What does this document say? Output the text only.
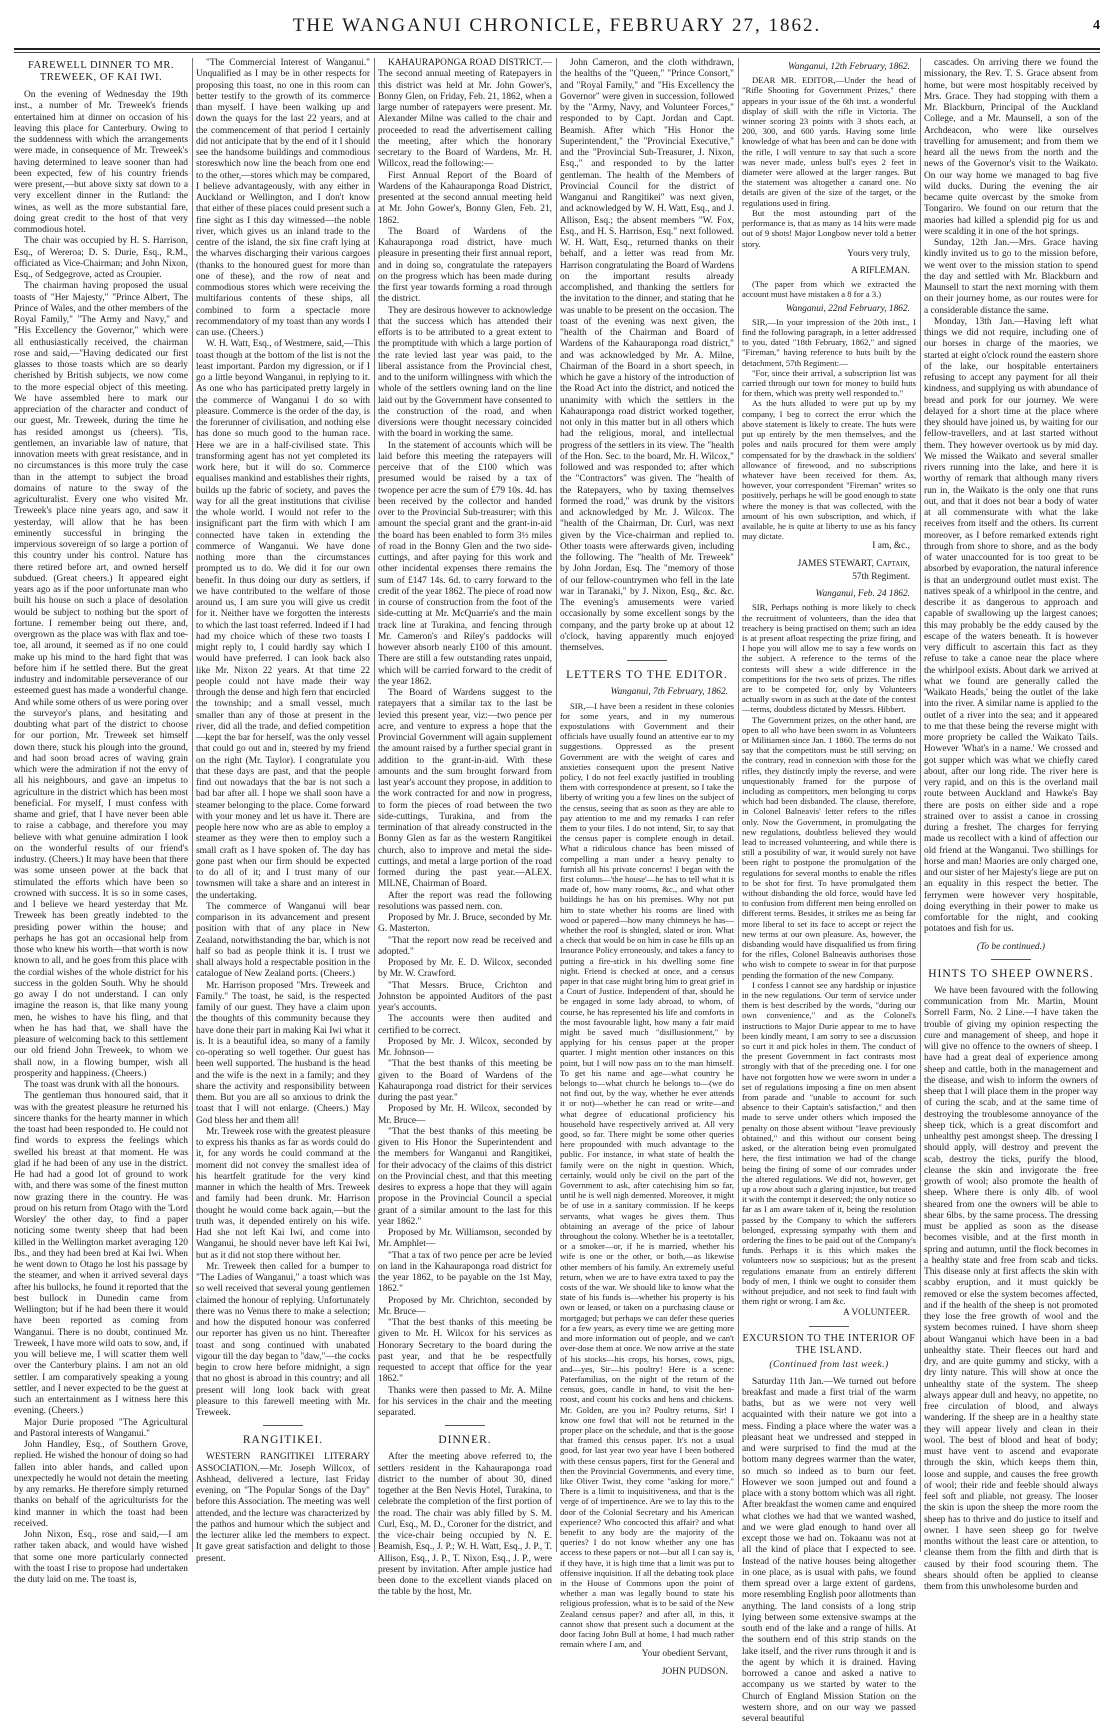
THE WANGANUI CHRONICLE, FEBRUARY 27, 1862.	4
FAREWELL DINNER TO MR. TREWEEK, OF KAI IWI.

On the evening of Wednesday the 19th inst., a number of Mr. Treweek's friends entertained him at dinner on occasion of his leaving this place for Canterbury. Owing to the suddenness with which the arrangements were made, in consequence of Mr. Treweek's having determined to leave sooner than had been expected, few of his country friends were present,—but above sixty sat down to a very excellent dinner in the Rutland: the wines, as well as the more substantial fare, doing great credit to the host of that very commodious hotel.

The chair was occupied by H. S. Harrison, Esq., of Wereroa; D. S. Durie, Esq., R.M., officiated as Vice-Chairman; and John Nixon, Esq., of Sedgegrove, acted as Croupier.

The chairman having proposed the usual toasts of "Her Majesty," "Prince Albert, The Prince of Wales, and the other members of the Royal Family," "The Army and Navy," and "His Excellency the Governor," which were all enthusiastically received, the chairman rose and said,—"Having dedicated our first glasses to those toasts which are so dearly cherished by British subjects, we now come to the more especial object of this meeting. We have assembled here to mark our appreciation of the character and conduct of our guest, Mr. Treweek, during the time he has resided amongst us (cheers). 'Tis, gentlemen, an invariable law of nature, that innovation meets with great resistance, and in no circumstances is this more truly the case than in the attempt to subject the broad domains of nature to the sway of the agriculturalist. Every one who visited Mr. Treweek's place nine years ago, and saw it yesterday, will allow that he has been eminently successful in bringing the impervious sovereign of so large a portion of this country under his control. Nature has there retired before art, and owned herself subdued. (Great cheers.) It appeared eight years ago as if the poor unfortunate man who built his house on such a place of desolation would be subject to nothing but the sport of fortune. I remember being out there, and, overgrown as the place was with flax and toe-toe, all around, it seemed as if no one could make up his mind to the hard fight that was before him if he settled there. But the great industry and indomitable perseverance of our esteemed guest has made a wonderful change. And while some others of us were poring over the surveyor's plans, and hesitating and doubting what part of the district to choose for our portion, Mr. Treweek set himself down there, stuck his plough into the ground, and had soon broad acres of waving grain which were the admiration if not the envy of all his neighbours, and gave an impetus to agriculture in the district which has been most beneficial. For myself, I must confess with shame and grief, that I have never been able to raise a cabbage, and therefore you may believe with what genuine admiration I look on the wonderful results of our friend's industry. (Cheers.) It may have been that there was some unseen power at the back that stimulated the efforts which have been so crowned with success. It is so in some cases, and I believe we heard yesterday that Mr. Treweek has been greatly indebted to the presiding power within the house; and perhaps he has got an occasional help from those who knew his worth—that worth is now known to all, and he goes from this place with the cordial wishes of the whole district for his success in the golden South. Why he should go away I do not understand. I can only imagine the reason is, that like many young men, he wishes to have his fling, and that when he has had that, we shall have the pleasure of welcoming back to this settlement our old friend John Treweek, to whom we shall now, in a flowing bumper, wish all prosperity and happiness. (Cheers.)

The toast was drunk with all the honours.

The gentleman thus honoured said, that it was with the greatest pleasure he returned his sincere thanks for the hearty manner in which the toast had been responded to. He could not find words to express the feelings which swelled his breast at that moment. He was glad if he had been of any use in the district. He had had a good lot of ground to work with, and there was some of the finest mutton now grazing there in the country. He was proud on his return from Otago with the 'Lord Worsley' the other day, to find a paper noticing some twenty sheep that had been killed in the Wellington market averaging 120 lbs., and they had been bred at Kai Iwi. When he went down to Otago he lost his passage by the steamer, and when it arrived several days after his bullocks, he found it reported that the best bullock in Dunedin came from Wellington; but if he had been there it would have been reported as coming from Wanganui. There is no doubt, continued Mr. Treweek, I have more wild oats to sow, and, if you will believe me, I will scatter them well over the Canterbury plains. I am not an old settler. I am comparatively speaking a young settler, and I never expected to be the guest at such an entertainment as I witness here this evening. (Cheers.)

Major Durie proposed "The Agricultural and Pastoral interests of Wanganui."

John Handley, Esq., of Southern Grove, replied. He wished the honour of doing so had fallen into abler hands, and called upon unexpectedly he would not detain the meeting by any remarks. He therefore simply returned thanks on behalf of the agriculturists for the kind manner in which the toast had been received.

John Nixon, Esq., rose and said,—I am rather taken aback, and would have wished that some one more particularly connected with the toast I rise to propose had undertaken the duty laid on me. The toast is,

"The Commercial Interest of Wanganui." Unqualified as I may be in other respects for proposing this toast, no one in this room can better testify to the growth of its commerce than myself. I have been walking up and down the quays for the last 22 years, and at the commencement of that period I certainly did not anticipate that by the end of it I should see the handsome buildings and commodious storeswhich now line the beach from one end to the other,—stores which may be compared, I believe advantageously, with any either in Auckland or Wellington, and I don't know that either of these places could present such a fine sight as I this day witnessed—the noble river, which gives us an inland trade to the centre of the island, the six fine craft lying at the wharves discharging their various cargoes (thanks to the honoured guest for more than one of these), and the row of neat and commodious stores which were receiving the multifarious contents of these ships, all combined to form a spectacle more recommendatory of my toast than any words I can use. (Cheers.)

W. H. Watt, Esq., of Westmere, said,—This toast though at the bottom of the list is not the least important. Pardon my digression, or if I go a little beyond Wanganui, in replying to it. As one who has participated pretty largely in the commerce of Wanganui I do so with pleasure. Commerce is the order of the day, is the forerunner of civilisation, and nothing else has done so much good to the human race. Here we are in a half-civilised state. This transforming agent has not yet completed its work here, but it will do so. Commerce equalises mankind and establishes their rights, builds up the fabric of society, and paves the way for all the great institutions that civilise the whole world. I would not refer to the insignificant part the firm with which I am connected have taken in extending the commerce of Wanganui. We have done nothing more than the circumstances prompted us to do. We did it for our own benefit. In thus doing our duty as settlers, if we have contributed to the welfare of those around us, I am sure you will give us credit for it. Neither have we forgotten the interests to which the last toast referred. Indeed if I had had my choice which of these two toasts I might reply to, I could hardly say which I would have preferred. I can look back also like Mr. Nixon 22 years. At that time 22 people could not have made their way through the dense and high fern that encircled the township; and a small vessel, much smaller than any of those at present in the river, did all the trade, and defied competition—kept the bar for herself, was the only vessel that could go out and in, steered by my friend on the right (Mr. Taylor). I congratulate you that these days are past, and that the people find out nowadays that the bar is not such a bad bar after all. I hope we shall soon have a steamer belonging to the place. Come forward with your money and let us have it. There are people here now who are as able to employ a steamer as they were then to employ such a small craft as I have spoken of. The day has gone past when our firm should be expected to do all of it; and I trust many of our townsmen will take a share and an interest in the undertaking.

The commerce of Wanganui will bear comparison in its advancement and present position with that of any place in New Zealand, notwithstanding the bar, which is not half so bad as people think it is. I trust we shall always hold a respectable position in the catalogue of New Zealand ports. (Cheers.)

Mr. Harrison proposed "Mrs. Treweek and Family." The toast, he said, is the respected family of our guest. They have a claim upon the thoughts of this community because they have done their part in making Kai Iwi what it is. It is a beautiful idea, so many of a family co-operating so well together. Our guest has been well supported. The husband is the head and the wife is the next in a family; and they share the activity and responsibility between them. But you are all so anxious to drink the toast that I will not enlarge. (Cheers.) May God bless her and them all!

Mr. Treweek rose with the greatest pleasure to express his thanks as far as words could do it, for any words he could command at the moment did not convey the smallest idea of his heartfelt gratitude for the very kind manner in which the health of Mrs. Treweek and family had been drunk. Mr. Harrison thought he would come back again,—but the truth was, it depended entirely on his wife. Had she not left Kai Iwi, and come into Wanganui, he should never have left Kai Iwi, but as it did not stop there without her.

Mr. Treweek then called for a bumper to "The Ladies of Wanganui," a toast which was so well received that several young gentlemen claimed the honour of replying. Unfortunately there was no Venus there to make a selection; and how the disputed honour was conferred our reporter has given us no hint. Thereafter toast and song continued with unabated vigour till the day began to "daw,"—the cocks begin to crow here before midnight, a sign that no ghost is abroad in this country; and all present will long look back with great pleasure to this farewell meeting with Mr. Treweek.

RANGITIKEI.

WESTERN RANGITIKEI LITERARY ASSOCIATION.—Mr. Joseph Willcox, of Ashhead, delivered a lecture, last Friday evening, on "The Popular Songs of the Day" before this Association. The meeting was well attended, and the lecture was characterized by the pathos and humour which the subject and the lecturer alike led the members to expect. It gave great satisfaction and delight to those present.

KAHAURAPONGA ROAD DISTRICT.—The second annual meeting of Ratepayers in this district was held at Mr. John Gower's, Bonny Glen, on Friday, Feb. 21, 1862, when a large number of ratepayers were present. Mr. Alexander Milne was called to the chair and proceeded to read the advertisement calling the meeting, after which the honorary secretary to the Board of Wardens, Mr. H. Willcox, read the following:—

First Annual Report of the Board of Wardens of the Kahauraponga Road District, presented at the second annual meeting held at Mr. John Gower's, Bonny Glen, Feb. 21, 1862.

The Board of Wardens of the Kahauraponga road district, have much pleasure in presenting their first annual report, and in doing so, congratulate the ratepayers on the progress which has been made during the first year towards forming a road through the district.

They are desirous however to acknowledge that the success which has attended their efforts is to be attributed to a great extent to the promptitude with which a large portion of the rate levied last year was paid, to the liberal assistance from the Provincial chest, and to the uniform willingness with which the whole of the settlers owning land on the line laid out by the Government have consented to the construction of the road, and when diversions were thought necessary coincided with the board in working the same.

In the statement of accounts which will be laid before this meeting the ratepayers will perceive that of the £100 which was presumed would be raised by a tax of twopence per acre the sum of £79 10s. 4d. has been received by the collector and handed over to the Provincial Sub-treasurer; with this amount the special grant and the grant-in-aid the board has been enabled to form 3½ miles of road in the Bonny Glen and the two side-cuttings, and after paying for this work and other incidental expenses there remains the sum of £147 14s. 6d. to carry forward to the credit of the year 1862. The piece of road now in course of construction from the foot of the side-cutting at Mr. McQuarrie's and the main track line at Turakina, and fencing through Mr. Cameron's and Riley's paddocks will however absorb nearly £100 of this amount. There are still a few outstanding rates unpaid, which will be carried forward to the credit of the year 1862.

The Board of Wardens suggest to the ratepayers that a similar tax to the last be levied this present year, viz:—two pence per acre, and venture to express a hope that the Provincial Government will again supplement the amount raised by a further special grant in addition to the grant-in-aid. With these amounts and the sum brought forward from last year's account they propose, in addition to the work contracted for and now in progress, to form the pieces of road between the two side-cuttings, Turakina, and from the termination of that already constructed in the Bonny Glen as far as the western Rangitikei church, also to improve and metal the side-cuttings, and metal a large portion of the road formed during the past year.—ALEX. MILNE, Chairman of Board.

After the report was read the following resolutions was passed nem. con.

Proposed by Mr. J. Bruce, seconded by Mr. G. Masterton.

"That the report now read be received and adopted."

Proposed by Mr. E. D. Wilcox, seconded by Mr. W. Crawford.

"That Messrs. Bruce, Crichton and Johnston be appointed Auditors of the past year's accounts.

The accounts were then audited and certified to be correct.

Proposed by Mr. J. Wilcox, seconded by Mr. Johnson—

"That the best thanks of this meeting be given to the Board of Wardens of the Kahauraponga road district for their services during the past year."

Proposed by Mr. H. Wilcox, seconded by Mr. Bruce—

"That the best thanks of this meeting be given to His Honor the Superintendent and the members for Wanganui and Rangitikei, for their advocacy of the claims of this district on the Provincial chest, and that this meeting desires to express a hope that they will again propose in the Provincial Council a special grant of a similar amount to the last for this year 1862."

Proposed by Mr. Williamson, seconded by Mr. Amphlet—

"That a tax of two pence per acre be levied on land in the Kahauraponga road district for the year 1862, to be payable on the 1st May, 1862."

Proposed by Mr. Chrichton, seconded by Mr. Bruce—

"That the best thanks of this meeting be given to Mr. H. Wilcox for his services as Honorary Secretary to the board during the past year, and that he be respectfully requested to accept that office for the year 1862."

Thanks were then passed to Mr. A. Milne for his services in the chair and the meeting separated.

DINNER.

After the meeting above referred to, the settlers resident in the Kahauraponga road district to the number of about 30, dined together at the Ben Nevis Hotel, Turakina, to celebrate the completion of the first portion of the road. The chair was ably filled by S. M. Curl, Esq., M. D., Coroner for the district, and the vice-chair being occupied by N. E. Beamish, Esq., J. P.; W. H. Watt, Esq., J. P., T. Allison, Esq., J. P., T. Nixon, Esq., J. P., were present by invitation. After ample justice had been done to the excellent viands placed on the table by the host, Mr.

John Cameron, and the cloth withdrawn, the healths of the "Queen," "Prince Consort," and "Royal Family," and "His Excellency the Governor" were given in succession, followed by the "Army, Navy, and Volunteer Forces," responded to by Capt. Jordan and Capt. Beamish. After which "His Honor the Superintendent," the "Provincial Executive," and the "Provincial Sub-Treasurer, J. Nixon, Esq.," and responded to by the latter gentleman. The health of the Members of Provincial Council for the district of Wanganui and Rangitikei" was next given, and acknowledged by W. H. Watt, Esq., and J. Allison, Esq.; the absent members "W. Fox, Esq., and H. S. Harrison, Esq." next followed. W. H. Watt, Esq., returned thanks on their behalf, and a letter was read from Mr. Harrison congratulating the Board of Wardens on the important results already accomplished, and thanking the settlers for the invitation to the dinner, and stating that he was unable to be present on the occasion. The toast of the evening was next given, the "health of the Chairman and Board of Wardens of the Kahauraponga road district," and was acknowledged by Mr. A. Milne, Chairman of the Board in a short speech, in which he gave a history of the introduction of the Road Act into the district, and noticed the unanimity with which the settlers in the Kahauraponga road district worked together, not only in this matter but in all others which had the religious, moral, and intellectual progress of the settlers in its view. The "health of the Hon. Sec. to the board, Mr. H. Wilcox," followed and was responded to; after which the "Contractors" was given. The "health of the Ratepayers, who by taxing themselves formed the road," was drunk by the visitors and acknowledged by Mr. J. Wilcox. The "health of the Chairman, Dr. Curl, was next given by the Vice-chairman and replied to. Other toasts were afterwards given, including the following. The "health of Mr. Treweek" by John Jordan, Esq. The "memory of those of our fellow-countrymen who fell in the late war in Taranaki," by J. Nixon, Esq., &c. &c. The evening's amusements were varied occasionally by some excellent songs by the company, and the party broke up at about 12 o'clock, having apparently much enjoyed themselves.

LETTERS TO THE EDITOR.
Wanganui, 7th February, 1862.

SIR,—I have been a resident in these colonies for some years, and in my numerous expostulations with Government and their officials have usually found an attentive ear to my suggestions. Oppressed as the present Government are with the weight of cares and anxieties consequent upon the present Native policy, I do not feel exactly justified in troubling them with correspondence at present, so I take the liberty of writing you a few lines on the subject of the census, seeing that as soon as they are able to pay attention to me and my remarks I can refer them to your files. I do not intend, Sir, to say that the census paper is complete enough in detail. What a ridiculous chance has been missed of compelling a man under a heavy penalty to furnish all his private concerns! I began with the first column—'the house'—he has to tell what it is made of, how many rooms, &c., and what other buildings he has on his premises. Why not put him to state whether his rooms are lined with wood or papered—how many chimneys he has—whether the roof is shingled, slated or iron. What a check that would be on him in case he fills up an Insurance Policy erroneously, and takes a fancy to putting a fire-stick in his dwelling some fine night. Friend is checked at once, and a census paper in that case might bring him to great grief in a Court of Justice. Independent of that, should he be engaged in some lady abroad, to whom, of course, he has represented his life and comforts in the most favourable light, how many a fair maid might be saved much "disillusionment," by applying for his census paper at the proper quarter. I might mention other instances on this point, but I will now pass on to the man himself. To get his name and age—what country he belongs to—what church he belongs to—(we do not find out, by the way, whether he ever attends it or not)—whether he can read or write—and what degree of educational proficiency his household have respectively arrived at. All very good, so far. There might be some other queries here propounded with much advantage to the public. For instance, in what state of health the family were on the night in question. Which, certainly, would only be civil on the part of the Government to ask, after catechising him so far, until he is well nigh demented. Moreover, it might be of use in a sanitary commission. If he keeps servants, what wages he gives them. Thus obtaining an average of the price of labour throughout the colony. Whether he is a teetotaller, or a smoker—or, if he is married, whether his wife is one or the other, or both,—as likewise other members of his family. An extremely useful return, when we are to have extra taxed to pay the costs of the war. We should like to know what the state of his funds is—whether his property is his own or leased, or taken on a purchasing clause or mortgaged; but perhaps we can defer these queries for a few years, as every time we are getting more and more information out of people, and we can't over-dose them at once. We now arrive at the state of his stocks—his crops, his horses, cows, pigs, and—yes, Sir—his poultry! Here is a scene: Paterfamilias, on the night of the return of the census, goes, candle in hand, to visit the hen-roost, and count his cocks and hens and chickens. Mr. Golden, are you in? Poultry returns, Sir! I know one fowl that will not be returned in the proper place on the schedule, and that is the goose that framed this census paper. It's not a usual good, for last year two year have I been bothered with these census papers, first for the General and then the Provincial Governments, and every time, like Oliver Twist, they come "asking for more." There is a limit to inquisitiveness, and that is the verge of of impertinence. Are we to lay this to the door of the Colonial Secretary and his American experience? Who concocted this affair? and what benefit to any body are the majority of the queries? I do not know whether any one has access to these papers or not—but all I can say is, if they have, it is high time that a limit was put to offensive inquisition. If all the debating took place in the House of Commons upon the point of whether a man was legally bound to state his religious profession, what is to be said of the New Zealand census paper? and after all, in this, it cannot show that present such a document at the door facing John Bull at home, I had much rather remain where I am, and

Your obedient Servant,
JOHN PUDSON.
Wanganui, 12th February, 1862.

DEAR MR. EDITOR,—Under the head of "Rifle Shooting for Government Prizes," there appears in your issue of the 6th inst. a wonderful display of skill with the rifle in Victoria. The winner scoring 23 points with 3 shots each, at 200, 300, and 600 yards. Having some little knowledge of what has been and can be done with the rifle, I will venture to say that such a score was never made, unless bull's eyes 2 feet in diameter were allowed at the larger ranges. But the statement was altogether a canard one. No details are given of the size of the target, or the regulations used in firing.

But the most astounding part of the performance is, that as many as 14 hits were made out of 9 shots! Major Longbow never told a better story.

Yours very truly,
A RIFLEMAN.

(The paper from which we extracted the account must have mistaken a 8 for a 3.)

Wanganui, 22nd February, 1862.

SIR,—In your impression of the 20th inst., I find the following paragraph, in a letter addressed to you, dated "18th February, 1862," and signed "Fireman," having reference to huts built by the detachment, 57th Regiment:—

"For, since their arrival, a subscription list was carried through our town for money to build huts for them, which was pretty well responded to."

As the huts alluded to were put up by my company, I beg to correct the error which the above statement is likely to create. The huts were put up entirely by the men themselves, and the poles and nails procured for them were amply compensated for by the drawback in the soldiers' allowance of firewood, and no subscriptions whatever have been received for them. As, however, your correspondent "Fireman" writes so positively, perhaps he will be good enough to state where the money is that was collected, with the amount of his own subscription, and which, if available, he is quite at liberty to use as his fancy may dictate.

I am, &c.,
JAMES STEWART, Captain,
57th Regiment.
Wanganui, Feb. 24 1862.

SIR, Perhaps nothing is more likely to check the recruitment of volunteers, than the idea that treachery is being practised on them; such an idea is at present afloat respecting the prize firing, and I hope you will allow me to say a few words on the subject. A reference to the terms of the contests will shew a wide difference in the competitions for the two sets of prizes. The rifles are to be competed for, only by Volunteers actually sworn in as such at the date of the contest—terms, doubtless dictated by Messrs. Hibbert.

The Government prizes, on the other hand, are open to all who have been sworn in as Volunteers or Militiamen since Jan. 1 1860. The terms do not say that the competitors must be still serving; on the contrary, read in connexion with those for the rifles, they distinctly imply the reverse, and were unquestionably framed for the purpose of including as competitors, men belonging to corps which had been disbanded. The clause, therefore, in Colonel Balneavis' letter refers to the rifles only. Now the Government, in promulgating the new regulations, doubtless believed they would lead to increased volunteering, and while there is still a possibility of war, it would surely not have been right to postpone the promulgation of the regulations for several months to enable the rifles to be shot for first. To have promulgated them without disbanding the old force, would have led to confusion from different men being enrolled on different terms. Besides, it strikes me as being far more liberal to set its face to accept or reject the new terms at our own pleasure. As, however, the disbanding would have disqualified us from firing for the rifles, Colonel Balneavis authorises those who wish to compete to swear in for that purpose pending the formation of the new Company.

I confess I cannot see any hardship or injustice in the new regulations. Our term of service under them is best described by the words, "during our own convenience," and as the Colonel's instructions to Major Durie appear to me to have been kindly meant, I am sorry to see a discussion so curt it and pick holes in them. The conduct of the present Government in fact contrasts most strongly with that of the preceding one. I for one have not forgotten how we were sworn in under a set of regulations imposing a fine on men absent from parade and "unable to account for such absence to their Captain's satisfaction," and then made to serve under others which imposed the penalty on those absent without "leave previously obtained," and this without our consent being asked, or the alteration being even promulgated here, the first intimation we had of the change being the fining of some of our comrades under the altered regulations. We did not, however, get up a row about such a glaring injustice, but treated it with the contempt it deserved; the only notice so far as I am aware taken of it, being the resolution passed by the Company to which the sufferers belonged, expressing sympathy with them and ordering the fines to be paid out of the Company's funds. Perhaps it is this which makes the volunteers now so suspicious; but as the present regulations emanate from an entirely different body of men, I think we ought to consider them without prejudice, and not seek to find fault with them right or wrong. I am &c.

A VOLUNTEER.
EXCURSION TO THE INTERIOR OF THE ISLAND.
(Continued from last week.)

Saturday 11th Jan.—We turned out before breakfast and made a first trial of the warm baths, but as we were not very well acquainted with their nature we got into a mess. Finding a place where the water was a pleasant heat we undressed and stepped in and were surprised to find the mud at the bottom many degrees warmer than the water, so much so indeed as to burn our feet. However we soon jumped out and found a place with a stony bottom which was all right. After breakfast the women came and enquired what clothes we had that we wanted washed, and we were glad enough to hand over all except those we had on. Tokaanu was not at all the kind of place that I expected to see. Instead of the native houses being altogether in one place, as is usual with pahs, we found them spread over a large extent of gardens, more resembling English poor allotments than anything. The land consists of a long strip lying between some extensive swamps at the south end of the lake and a range of hills. At the southern end of this strip stands on the lake itself, and the river runs through it and is the agent by which it is drained. Having borrowed a canoe and asked a native to accompany us we started by water to the Church of England Mission Station on the western shore, and on our way we passed several beautiful

cascades. On arriving there we found the missionary, the Rev. T. S. Grace absent from home, but were most hospitably received by Mrs. Grace. They had stopping with them a Mr. Blackburn, Principal of the Auckland College, and a Mr. Maunsell, a son of the Archdeacon, who were like ourselves travelling for amusement; and from them we heard all the news from the north and the news of the Governor's visit to the Waikato. On our way home we managed to bag five wild ducks. During the evening the air became quite overcast by the smoke from Tongariro. We found on our return that the maories had killed a splendid pig for us and were scalding it in one of the hot springs.

Sunday, 12th Jan.—Mrs. Grace having kindly invited us to go to the mission before, we went over to the mission station to spend the day and settled with Mr. Blackburn and Maunsell to start the next morning with them on their journey home, as our routes were for a considerable distance the same.

Monday, 13th Jan.—Having left what things we did not require, including one of our horses in charge of the maories, we started at eight o'clock round the eastern shore of the lake, our hospitable entertainers refusing to accept any payment for all their kindness, and supplying us with abundance of bread and pork for our journey. We were delayed for a short time at the place where they should have joined us, by waiting for our fellow-travellers, and at last started without them. They however overtook us by mid day. We missed the Waikato and several smaller rivers running into the lake, and here it is worthy of remark that although many rivers run in, the Waikato is the only one that runs out, and that it does not bear a body of water at all commensurate with what the lake receives from itself and the others. Its current moreover, as I before remarked extends right through from shore to shore, and as the body of water unaccounted for is too great to be absorbed by evaporation, the natural inference is that an underground outlet must exist. The natives speak of a whirlpool in the centre, and describe it as dangerous to approach and capable of swallowing up the largest canoes; this may probably be the eddy caused by the escape of the waters beneath. It is however very difficult to ascertain this fact as they refuse to take a canoe near the place where the whirlpool exists. About dark we arrived at what we found are generally called the 'Waikato Heads,' being the outlet of the lake into the river. A similar name is applied to the outlet of a river into the sea; and it appeared to me that these being the reverse might with more propriety be called the Waikato Tails. However 'What's in a name.' We crossed and got supper which was what we chiefly cared about, after our long ride. The river here is very rapid, and on this is the overland mail route between Auckland and Hawke's Bay there are posts on either side and a rope strained over to assist a canoe in crossing during a freshet. The charges for ferrying made us recollect with a kind of affection our old friend at the Wanganui. Two shillings for horse and man! Maories are only charged one, and our sister of her Majesty's liege are put on an equality in this respect the better. The ferrymen were however very hospitable, doing everything in their power to make us comfortable for the night, and cooking potatoes and fish for us.

(To be continued.)
HINTS TO SHEEP OWNERS.

We have been favoured with the following communication from Mr. Martin, Mount Sorrell Farm, No. 2 Line.—I have taken the trouble of giving my opinion respecting the cure and management of sheep, and hope it will give no offence to the owners of sheep. I have had a great deal of experience among sheep and cattle, both in the management and the disease, and wish to inform the owners of sheep that I will place them in the proper way of curing the scab, and at the same time of destroying the troublesome annoyance of the sheep tick, which is a great discomfort and unhealthy pest amongst sheep. The dressing I should apply, will destroy and prevent the scab, destroy the ticks, purify the blood, cleanse the skin and invigorate the free growth of wool; also promote the health of sheep. Where there is only 4lb. of wool sheared from one the owners will be able to shear 6lbs. by the same process. The dressing must be applied as soon as the disease becomes visible, and at the first month in spring and autumn, until the flock becomes in a healthy state and free from scab and ticks. This disease only at first affects the skin with scabby eruption, and it must quickly be removed or else the system becomes affected, and if the health of the sheep is not promoted they lose the free growth of wool and the system becomes ruined. I have shorn sheep about Wanganui which have been in a bad unhealthy state. Their fleeces out hard and dry, and are quite gummy and sticky, with a dry linty nature. This will show at once the unhealthy state of the system. The sheep always appear dull and heavy, no appetite, no free circulation of blood, and always wandering. If the sheep are in a healthy state they will appear lively and clean in their wool. The best of blood and heat of body; must have vent to ascend and evaporate through the skin, which keeps them thin, loose and supple, and causes the free growth of wool; their ride and feeble should always feel soft and pliable, not greasy. The looser the skin is upon the sheep the more room the sheep has to thrive and do justice to itself and owner. I have seen sheep go for twelve months without the least care or attention, to cleanse them from the filth and dirth that is caused by their food scouring them. The shears should often be applied to cleanse them from this unwholesome burden and
